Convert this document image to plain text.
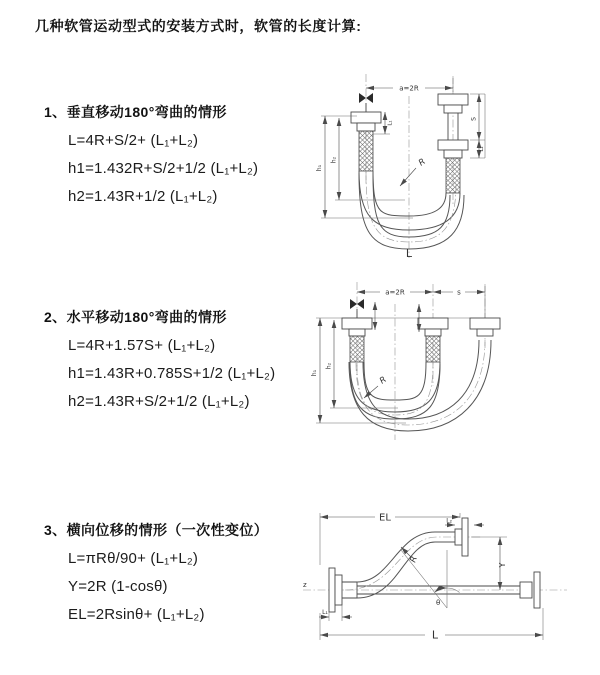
几种软管运动型式的安装方式时，软管的长度计算:
1、垂直移动180°弯曲的情形
L=4R+S/2+ (L₁+L₂)
h1=1.432R+S/2+1/2 (L₁+L₂)
h2=1.43R+1/2 (L₁+L₂)
2、水平移动180°弯曲的情形
L=4R+1.57S+ (L₁+L₂)
h1=1.43R+0.785S+1/2 (L₁+L₂)
h2=1.43R+S/2+1/2 (L₁+L₂)
3、横向位移的情形（一次性变位）
L=πRθ/90+ (L₁+L₂)
Y=2R (1-cosθ)
EL=2Rsinθ+ (L₁+L₂)
a=2R
S
L₂
L₁
h₁
h₂	R
L
a=2R	s
h₁
h₂
R
z
EL	L₂
Y
R
θ
L
L₁
